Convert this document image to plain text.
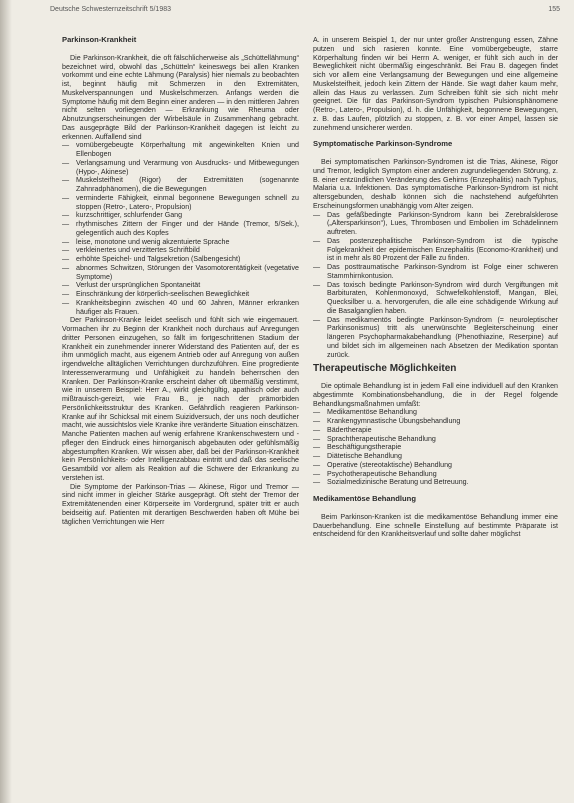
Deutsche Schwesternzeitschrift 5/1983	155
Parkinson-Krankheit

Die Parkinson-Krankheit, die oft fälschlicherweise als „Schüttellähmung“ bezeichnet wird, obwohl das „Schütteln“ keineswegs bei allen Kranken vorkommt und eine echte Lähmung (Paralysis) hier niemals zu beobachten ist, beginnt häufig mit Schmerzen in den Extremitäten, Muskelverspannungen und Muskelschmerzen. Anfangs werden die Symptome häufig mit dem Beginn einer anderen — in den mittleren Jahren nicht selten vorliegenden — Erkrankung wie Rheuma oder Abnutzungserscheinungen der Wirbelsäule in Zusammenhang gebracht. Das ausgeprägte Bild der Parkinson-Krankheit dagegen ist leicht zu erkennen. Auffallend sind

— vornübergebeugte Körperhaltung mit angewinkelten Knien und Ellenbogen
— Verlangsamung und Verarmung von Ausdrucks- und Mitbewegungen (Hypo-, Akinese)
— Muskelsteifheit (Rigor) der Extremitäten (sogenannte Zahnradphänomen), die die Bewegungen
— verminderte Fähigkeit, einmal begonnene Bewegungen schnell zu stoppen (Retro-, Latero-, Propulsion)
— kurzschrittiger, schlurfender Gang
— rhythmisches Zittern der Finger und der Hände (Tremor, 5/Sek.), gelegentlich auch des Kopfes
— leise, monotone und wenig akzentuierte Sprache
— verkleinertes und verzittertes Schriftbild
— erhöhte Speichel- und Talgsekretion (Salbengesicht)
— abnormes Schwitzen, Störungen der Vasomotorentätigkeit (vegetative Symptome)
— Verlust der ursprünglichen Spontaneität
— Einschränkung der körperlich-seelischen Beweglichkeit
— Krankheitsbeginn zwischen 40 und 60 Jahren, Männer erkranken häufiger als Frauen.

Der Parkinson-Kranke leidet seelisch und fühlt sich wie eingemauert. Vormachen ihr zu Beginn der Krankheit noch durchaus auf Anregungen dritter Personen einzugehen, so fällt im fortgeschrittenen Stadium der Krankheit ein zunehmender innerer Widerstand des Patienten auf, der es ihm unmöglich macht, aus eigenem Antrieb oder auf Anregung von außen irgendwelche alltäglichen Verrichtungen durchzuführen. Eine progrediente Interessenverarmung und Unfähigkeit zu handeln beherrschen den Kranken. Der Parkinson-Kranke erscheint daher oft übermäßig verstimmt, wie in unserem Beispiel: Herr A., wirkt gleichgültig, apathisch oder auch mißtrauisch-gereizt, wie Frau B., je nach der prämorbiden Persönlichkeitsstruktur des Kranken. Gefährdlich reagieren Parkinson-Kranke auf ihr Schicksal mit einem Suizidversuch, der uns noch deutlicher macht, wie aussichtslos viele Kranke ihre veränderte Situation einschätzen. Manche Patienten machen auf wenig erfahrene Krankenschwestern und -pfleger den Eindruck eines hirnorganisch abgebauten oder gefühlsmäßig abgestumpften Kranken. Wir wissen aber, daß bei der Parkinson-Krankheit kein Persönlichkeits- oder Intelligenzabbau eintritt und daß das seelische Gesamtbild vor allem als Reaktion auf die Schwere der Erkrankung zu verstehen ist.

Die Symptome der Parkinson-Trias — Akinese, Rigor und Tremor — sind nicht immer in gleicher Stärke ausgeprägt. Oft steht der Tremor der Extremitätenenden einer Körperseite im Vordergrund, später tritt er auch beidseitig auf. Patienten mit derartigen Beschwerden haben oft Mühe bei täglichen Verrichtungen wie Herr

A. in unserem Beispiel 1, der nur unter großer Anstrengung essen, Zähne putzen und sich rasieren konnte. Eine vornübergebeugte, starre Körperhaltung finden wir bei Herrn A. weniger, er fühlt sich auch in der Beweglichkeit nicht übermäßig eingeschränkt. Bei Frau B. dagegen findet sich vor allem eine Verlangsamung der Bewegungen und eine allgemeine Muskelsteifheit, jedoch kein Zittern der Hände. Sie wagt daher kaum mehr, allein das Haus zu verlassen. Zum Schreiben fühlt sie sich nicht mehr geeignet. Die für das Parkinson-Syndrom typischen Pulsionsphänomene (Retro-, Latero-, Propulsion), d. h. die Unfähigkeit, begonnene Bewegungen, z. B. das Laufen, plötzlich zu stoppen, z. B. vor einer Ampel, lassen sie zunehmend unsicherer werden.

Symptomatische Parkinson-Syndrome

Bei symptomatischen Parkinson-Syndromen ist die Trias, Akinese, Rigor und Tremor, lediglich Symptom einer anderen zugrundeliegenden Störung, z. B. einer entzündlichen Veränderung des Gehirns (Enzephalitis) nach Typhus, Malaria u.a. Infektionen. Das symptomatische Parkinson-Syndrom ist nicht altersgebunden, deshalb können sich die nachstehend aufgeführten Erscheinungsformen unabhängig vom Alter zeigen.

— Das gefäßbedingte Parkinson-Syndrom kann bei Zerebralsklerose („Altersparkinson“), Lues, Thrombosen und Embolien im Schädelinnern auftreten.
— Das postenzephalitische Parkinson-Syndrom ist die typische Folgekrankheit der epidemischen Enzephalitis (Economo-Krankheit) und ist in mehr als 80 Prozent der Fälle zu finden.
— Das posttraumatische Parkinson-Syndrom ist Folge einer schweren Stammhirnkontusion.
— Das toxisch bedingte Parkinson-Syndrom wird durch Vergiftungen mit Barbituraten, Kohlenmonoxyd, Schwefelkohlenstoff, Mangan, Blei, Quecksilber u. a. hervorgerufen, die alle eine schädigende Wirkung auf die Basalganglien haben.
— Das medikamentös bedingte Parkinson-Syndrom (= neuroleptischer Parkinsonismus) tritt als unerwünschte Begleiterscheinung einer längeren Psychopharmakabehandlung (Phenothiazine, Reserpine) auf und bildet sich im allgemeinen nach Absetzen der Medikation spontan zurück.
Therapeutische Möglichkeiten

Die optimale Behandlung ist in jedem Fall eine individuell auf den Kranken abgestimmte Kombinationsbehandlung, die in der Regel folgende Behandlungsmaßnahmen umfaßt:

— Medikamentöse Behandlung
— Krankengymnastische Übungsbehandlung
— Bädertherapie
— Sprachtherapeutische Behandlung
— Beschäftigungstherapie
— Diätetische Behandlung
— Operative (stereotaktische) Behandlung
— Psychotherapeutische Behandlung
— Sozialmedizinische Beratung und Betreuung.
Medikamentöse Behandlung

Beim Parkinson-Kranken ist die medikamentöse Behandlung immer eine Dauerbehandlung. Eine schnelle Einstellung auf bestimmte Präparate ist entscheidend für den Krankheitsverlauf und sollte daher möglichst
